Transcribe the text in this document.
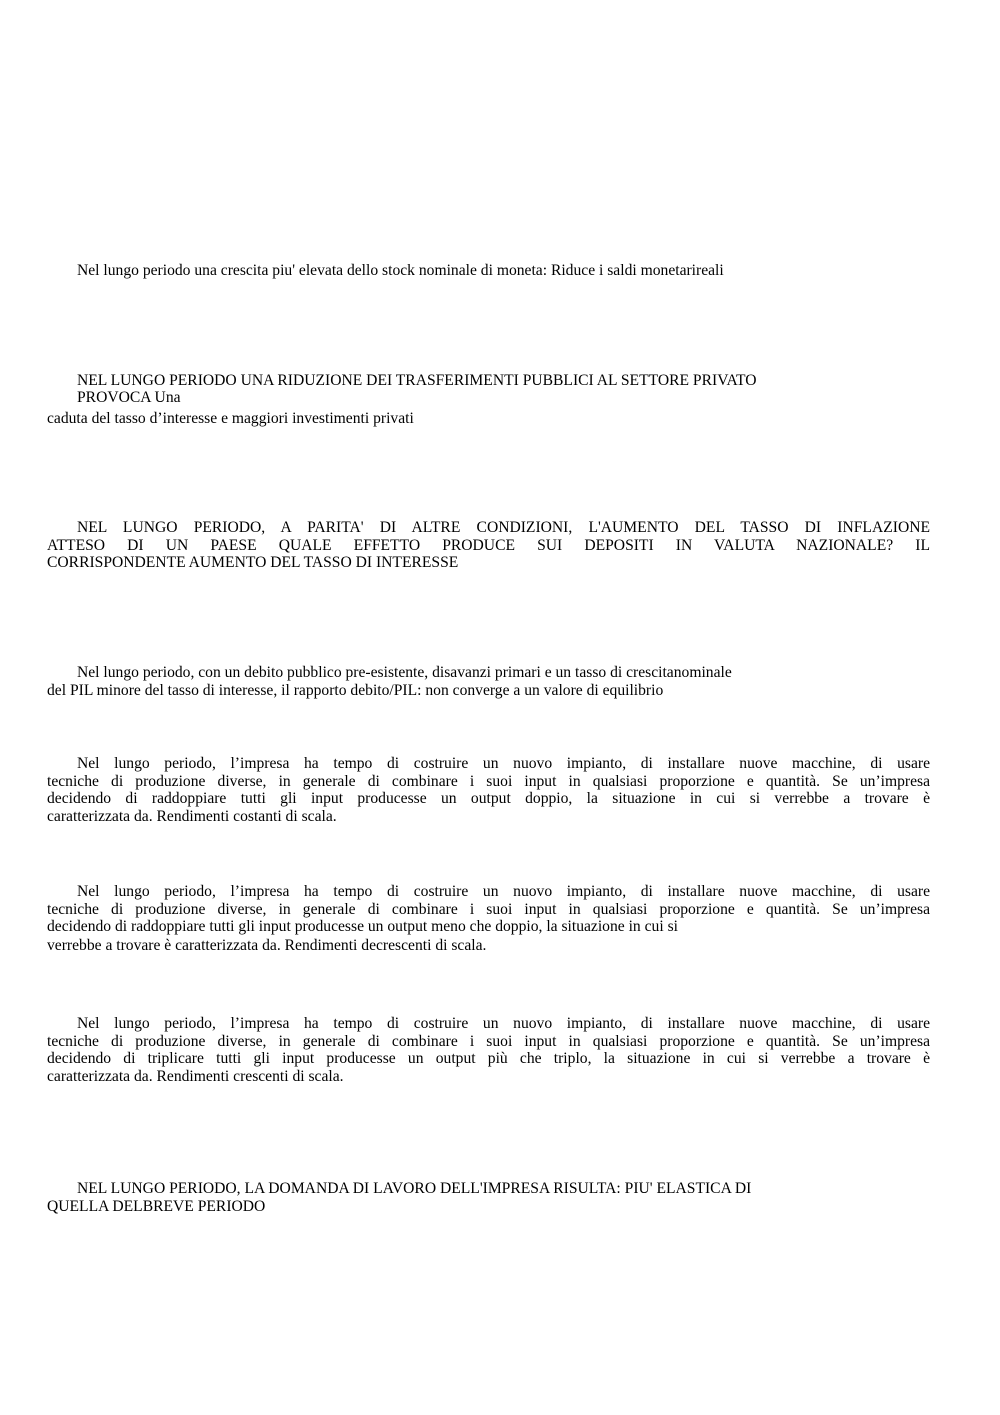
Nel lungo periodo una crescita piu' elevata dello stock nominale di moneta: Riduce i saldi monetarireali
NEL LUNGO PERIODO UNA RIDUZIONE DEI TRASFERIMENTI PUBBLICI AL SETTORE PRIVATO
PROVOCA Una
caduta del tasso d’interesse e maggiori investimenti privati
NEL LUNGO PERIODO, A PARITA' DI ALTRE CONDIZIONI, L'AUMENTO DEL TASSO DI INFLAZIONE
ATTESO DI UN PAESE QUALE EFFETTO PRODUCE SUI DEPOSITI IN VALUTA NAZIONALE? IL
CORRISPONDENTE AUMENTO DEL TASSO DI INTERESSE
Nel lungo periodo, con un debito pubblico pre-esistente, disavanzi primari e un tasso di crescitanominale
del PIL minore del tasso di interesse, il rapporto debito/PIL: non converge a un valore di equilibrio
Nel lungo periodo, l’impresa ha tempo di costruire un nuovo impianto, di installare nuove macchine, di usare
tecniche di produzione diverse, in generale di combinare i suoi input in qualsiasi proporzione e quantità. Se un’impresa
decidendo di raddoppiare tutti gli input producesse un output doppio, la situazione in cui si verrebbe a trovare è
caratterizzata da. Rendimenti costanti di scala.
Nel lungo periodo, l’impresa ha tempo di costruire un nuovo impianto, di installare nuove macchine, di usare
tecniche di produzione diverse, in generale di combinare i suoi input in qualsiasi proporzione e quantità. Se un’impresa
decidendo di raddoppiare tutti gli input producesse un output meno che doppio, la situazione in cui si
verrebbe a trovare è caratterizzata da. Rendimenti decrescenti di scala.
Nel lungo periodo, l’impresa ha tempo di costruire un nuovo impianto, di installare nuove macchine, di usare
tecniche di produzione diverse, in generale di combinare i suoi input in qualsiasi proporzione e quantità. Se un’impresa
decidendo di triplicare tutti gli input producesse un output più che triplo, la situazione in cui si verrebbe a trovare è
caratterizzata da. Rendimenti crescenti di scala.
NEL LUNGO PERIODO, LA DOMANDA DI LAVORO DELL'IMPRESA RISULTA: PIU' ELASTICA DI
QUELLA DELBREVE PERIODO
